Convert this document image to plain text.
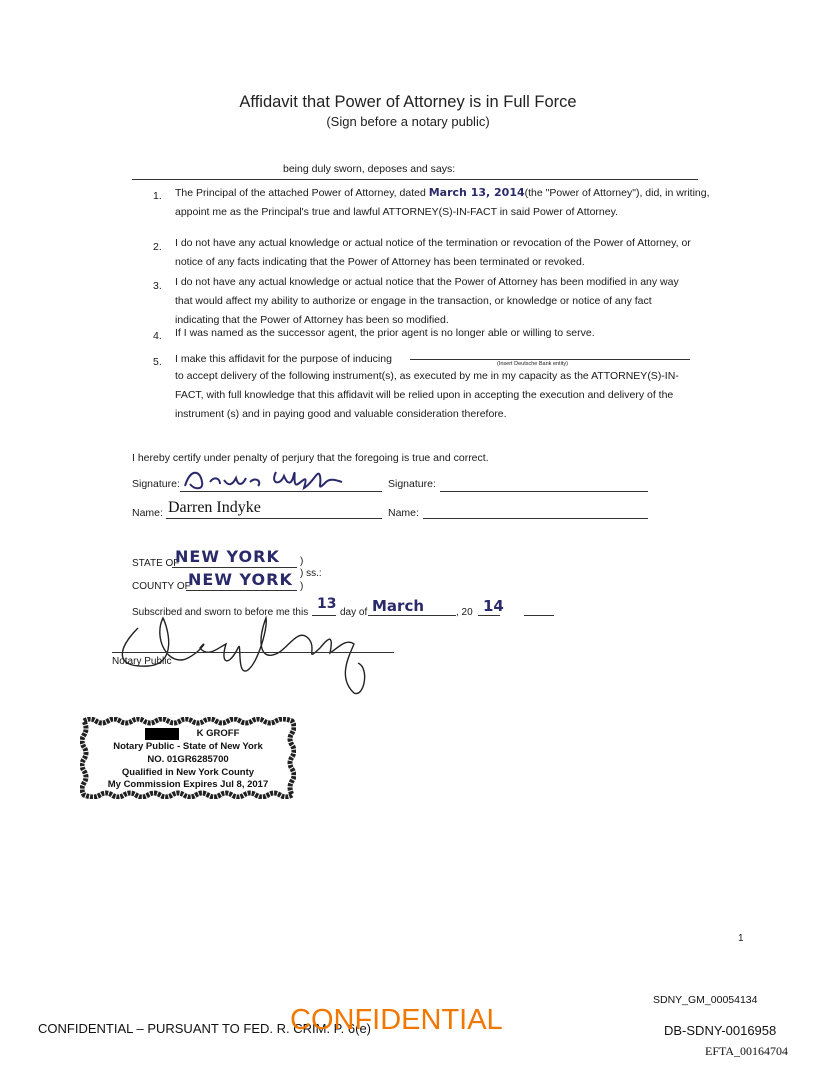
Affidavit that Power of Attorney is in Full Force
(Sign before a notary public)
being duly sworn, deposes and says:
1. The Principal of the attached Power of Attorney, dated March 13, 2014(the "Power of Attorney"), did, in writing,
appoint me as the Principal's true and lawful ATTORNEY(S)-IN-FACT in said Power of Attorney.
2. I do not have any actual knowledge or actual notice of the termination or revocation of the Power of Attorney, or notice of any facts indicating that the Power of Attorney has been terminated or revoked.
3. I do not have any actual knowledge or actual notice that the Power of Attorney has been modified in any way that would affect my ability to authorize or engage in the transaction, or knowledge or notice of any fact indicating that the Power of Attorney has been so modified.
4. If I was named as the successor agent, the prior agent is no longer able or willing to serve.
5. I make this affidavit for the purpose of inducing	(Insert Deutsche Bank entity)
to accept delivery of the following instrument(s), as executed by me in my capacity as the ATTORNEY(S)-IN-FACT, with full knowledge that this affidavit will be relied upon in accepting the execution and delivery of the instrument (s) and in paying good and valuable consideration therefore.
I hereby certify under penalty of perjury that the foregoing is true and correct.
Signature:	Signature:
Name: Darren Indyke	Name:
STATE OF
NEW YORK )
COUNTY OF
NEW YORK ) ss.:
)
Subscribed and sworn to before me this
13
day of March	, 20 14
Notary Public
K GROFF
Notary Public - State of New York
NO. 01GR6285700
Qualified in New York County
My Commission Expires Jul 8, 2017
1
SDNY_GM_00054134
CONFIDENTIAL – PURSUANT TO FED. R. CRIM. P. 6(e)
CONFIDENTIAL	DB-SDNY-0016958
EFTA_00164704
